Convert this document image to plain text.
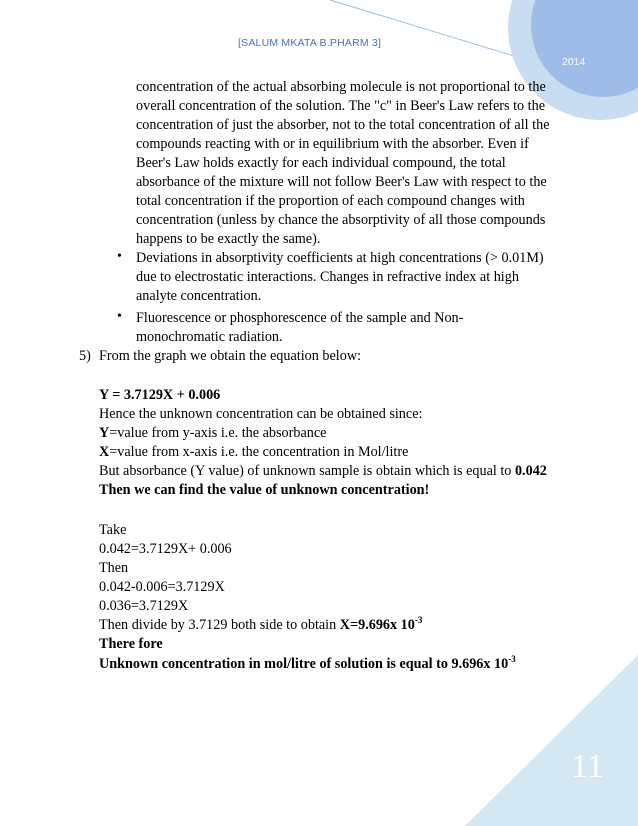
[SALUM MKATA B.PHARM 3]
2014
11
concentration of the actual absorbing molecule is not proportional to the
overall concentration of the solution. The "c" in Beer's Law refers to the
concentration of just the absorber, not to the total concentration of all the
compounds reacting with or in equilibrium with the absorber. Even if
Beer's Law holds exactly for each individual compound, the total
absorbance of the mixture will not follow Beer's Law with respect to the
total concentration if the proportion of each compound changes with
concentration (unless by chance the absorptivity of all those compounds
happens to be exactly the same).
• Deviations in absorptivity coefficients at high concentrations (> 0.01M)
due to electrostatic interactions. Changes in refractive index at high
analyte concentration.
• Fluorescence or phosphorescence of the sample and Non-
monochromatic radiation.
5) From the graph we obtain the equation below:
Y = 3.7129X + 0.006
Hence the unknown concentration can be obtained since:
Y=value from y-axis i.e. the absorbance
X=value from x-axis i.e. the concentration in Mol/litre
But absorbance (Y value) of unknown sample is obtain which is equal to 0.042
Then we can find the value of unknown concentration!
Take
0.042=3.7129X+ 0.006
Then
0.042-0.006=3.7129X
0.036=3.7129X
Then divide by 3.7129 both side to obtain X=9.696x $10^{-3}$
There fore
Unknown concentration in mol/litre of solution is equal to 9.696x $10^{-3}$
